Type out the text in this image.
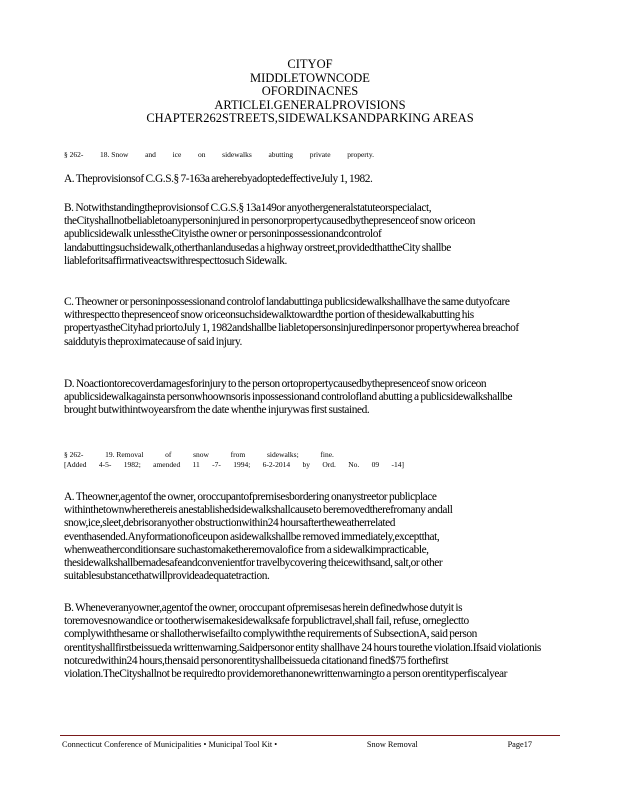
CITYOF
MIDDLETOWNCODE
OFORDINACNES
ARTICLEI.GENERALPROVISIONS
CHAPTER262STREETS,SIDEWALKSANDPARKING AREAS
§ 262- 18. Snow and ice on sidewalks abutting private property.
A. Theprovisionsof C.G.S.§ 7-163a areherebyadoptedeffectiveJuly 1, 1982.
B. Notwithstandingtheprovisionsof C.G.S.§ 13a149or anyothergeneralstatuteorspecialact, theCityshallnotbeliabletoanypersoninjured in personorpropertycausedbythepresenceof snow oriceon apublicsidewalk unlesstheCityisthe owner or personinpossessionandcontrolof landabuttingsuchsidewalk,otherthanlandusedas a highway orstreet,providedthattheCity shallbe liableforitsaffirmativeactswithrespecttosuch Sidewalk.
C. Theowner or personinpossessionand controlof landabuttinga publicsidewalkshallhave the same dutyofcare withrespectto thepresenceof snow oriceonsuchsidewalktowardthe portion of thesidewalkabutting his propertyastheCityhad priortoJuly 1, 1982andshallbe liabletopersonsinjuredinpersonor propertywherea breachof saiddutyis theproximatecause of said injury.
D. Noactiontorecoverdamagesforinjury to the person ortopropertycausedbythepresenceof snow oriceon apublicsidewalkagainsta personwhoownsoris inpossessionand controlofland abutting a publicsidewalkshallbe brought butwithintwoyearsfrom the date whenthe injurywas first sustained.
§ 262-	19. Removal	of	snow	from	sidewalks;	fine.
[Added 4-5- 1982; amended 11 -7- 1994; 6-2-2014 by Ord. No. 09 -14]
A. Theowner,agentof the owner, oroccupantofpremisesbordering onanystreetor publicplace withinthetownwherethereis anestablishedsidewalkshallcauseto beremovedtherefromany andall snow,ice,sleet,debrisoranyother obstructionwithin24 hoursaftertheweatherrelated eventhasended.Anyformationoficeupon asidewalkshallbe removed immediately,exceptthat, whenweatherconditionsare suchastomaketheremovalofice from a sidewalkimpracticable, thesidewalkshallbemadesafeandconvenientfor travelbycovering theicewithsand, salt,or other suitablesubstancethatwillprovideadequatetraction.
B. Wheneveranyowner,agentof the owner, oroccupant ofpremisesas herein definedwhose dutyit is toremovesnowandice or tootherwisemakesidewalksafe forpublictravel,shall fail, refuse, orneglectto complywiththesame or shallotherwisefailto complywiththe requirements of SubsectionA, said person orentityshallfirstbeissueda writtenwarning.Saidpersonor entity shallhave 24 hours tourethe violation.Ifsaid violationis notcuredwithin24 hours,thensaid personorentityshallbeissueda citationand fined$75 forthefirst violation.TheCityshallnot be requiredto providemorethanonewrittenwarningto a person orentityperfiscalyear
Connecticut Conference of Municipalities • Municipal Tool Kit •	Snow Removal	Page17
